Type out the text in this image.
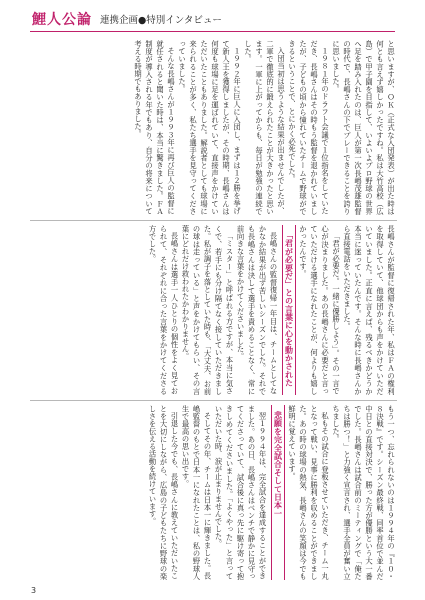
鯉人公論 連携企画●特別インタビュー
と思いますが、ＯＫ（正式な入団発表）が出た時は何とも言えず嬉しかったですね。私は大竹高校（広島）で甲子園を目指して、いよいよプロ野球の世界へ足を踏み入れたのは、巨人が第一次長嶋茂雄監督の時代で、長嶋さんの下でプレーできることを誇りに思いました。
１９８１年のドラフト会議で１位指名をしていただき、長嶋さんはその時もう監督を退かれていましたが、子どもの頃から憧れていたチームで野球ができるということで、とにかく必死でした。
入団当初は思うような結果が出ませんでしたが、二軍で徹底的に鍛えられたことが大きかったと思います。一軍に上がってからも、毎日が勉強の連続でした。
１９９２年に巨人に入団し、まずは１２勝を挙げて新人王を獲得しましたが、その時期、長嶋さんは何度も球場に足を運ばれていて、直接声をかけていただいたこともありました。解説者としても球場に来られることが多く、私たち選手を見守ってくださっていました。
そんな長嶋さんが１９９３年に再び巨人の監督に就任されると聞いた時は、本当に驚きました。ＦＡ制度が導入される年でもあり、自分の将来について考える時期でもありました。
長嶋さんが監督に復帰された年、私はＦＡの権利を取得していて、他球団からも声をかけていただいていました。正直に言えば、残るべきかどうか本当に迷っていたんです。そんな時に長嶋さんから直接電話をいただきました。
「君が必要だ。一緒に優勝しよう」。その一言で心が決まりました。あの長嶋さんに必要だと言っていただける選手になれたことが、何よりも嬉しかったんです。
「君が必要だ」との言葉に心を動かされた
長嶋さんの監督復帰一年目は、チームとしてなかなか結果が出ず苦しいシーズンでした。それでも長嶋さんは決して選手を責めることなく、常に前向きな言葉をかけてくださいました。
「ミスター」と呼ばれる方ですが、本当に気さくで、若手にも分け隔てなく接していただきました。私が調子を落としていた時も、「大丈夫、お前の球は走っている」と声をかけてもらい、その言葉にどれだけ救われたかわかりません。
長嶋さんは選手一人ひとりの個性をよく見ておられて、それぞれに合った言葉をかけてくださる方でした。
もう一つ、忘れられないのは１９９４年の『１０・８決戦』です。シーズン最終戦、同率首位で並んだ中日との直接対決で、勝った方が優勝という大一番でした。長嶋さんは試合前のミーティングで「俺たちは勝つ！」と力強く宣言され、選手全員が奮い立ちました。
私もその試合に登板させていただき、チーム一丸となって戦い、見事に勝利を収めることができました。あの時の球場の熱気、長嶋さんの笑顔は今でも鮮明に覚えています。
悲願を完全試合そして日本一
翌１９９４年は、完全試合を達成することができました。あの日、長嶋さんはベンチで静かに見守ってくださっていて、試合後に真っ先に駆け寄って抱きしめてくださいました。「よくやった」と言っていただいた時、涙が止まりませんでした。
そしてその年、チームは日本一に輝きました。長嶋監督のもとで日本一になれたことは、私の野球人生で最高の思い出です。
引退した今でも、長嶋さんに教えていただいたことを大切にしながら、広島の子どもたちに野球の楽しさを伝える活動を続けています。
3
